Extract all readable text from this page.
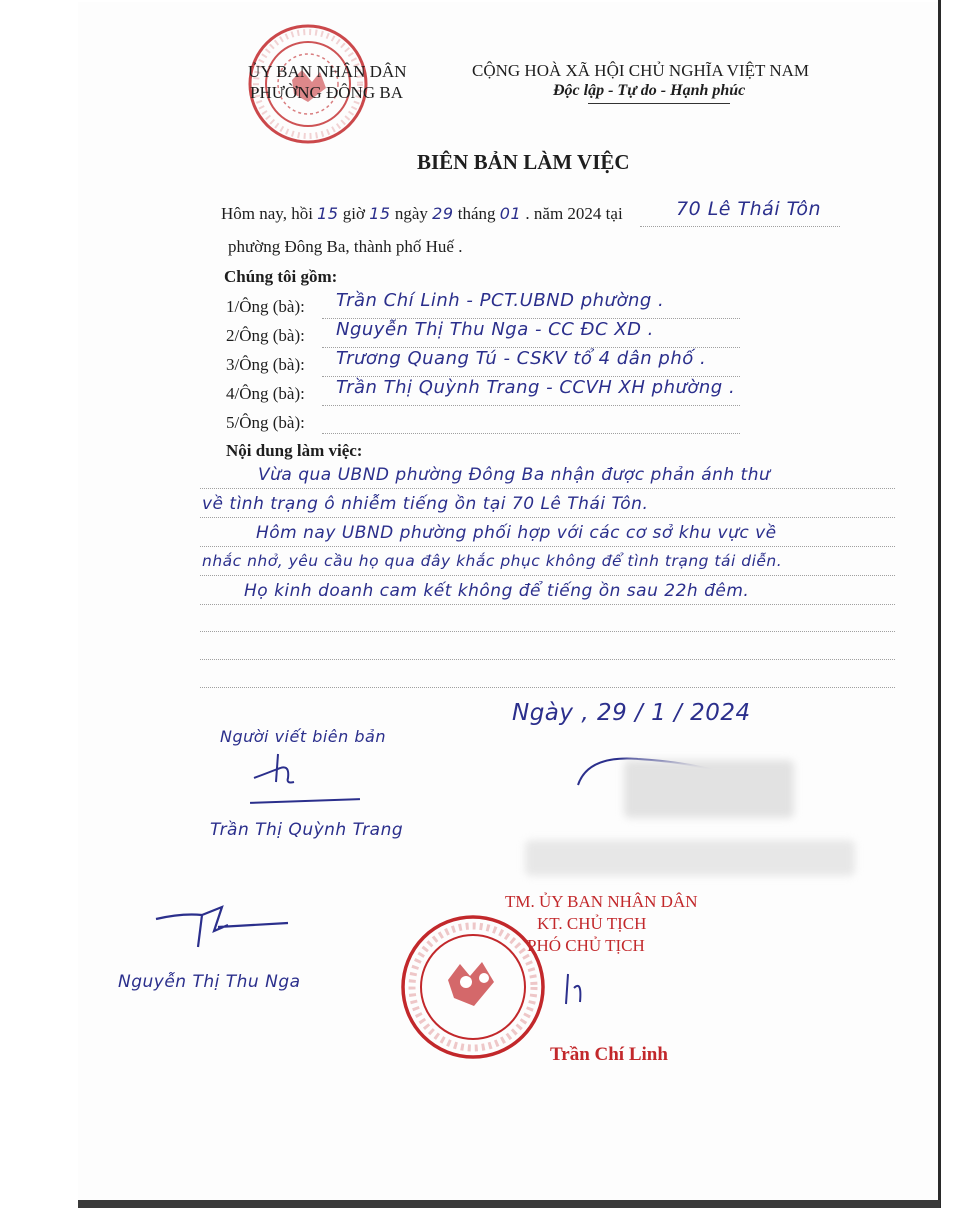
ỦY BAN NHÂN DÂN
PHƯỜNG ĐÔNG BA
CỘNG HOÀ XÃ HỘI CHỦ NGHĨA VIỆT NAM
Độc lập - Tự do - Hạnh phúc
BIÊN BẢN LÀM VIỆC
Hôm nay, hồi 15 giờ 15 ngày 29 tháng 01 . năm 2024 tại	70 Lê Thái Tôn
phường Đông Ba, thành phố Huế .
Chúng tôi gồm:
1/Ông (bà): Trần Chí Linh - PCT.UBND phường .
2/Ông (bà): Nguyễn Thị Thu Nga - CC ĐC XD .
3/Ông (bà): Trương Quang Tú - CSKV tổ 4 dân phố .
4/Ông (bà): Trần Thị Quỳnh Trang - CCVH XH phường .
5/Ông (bà):
Nội dung làm việc:
Vừa qua UBND phường Đông Ba nhận được phản ánh thư
về tình trạng ô nhiễm tiếng ồn tại 70 Lê Thái Tôn.
Hôm nay UBND phường phối hợp với các cơ sở khu vực về
nhắc nhở, yêu cầu họ qua đây khắc phục không để tình trạng tái diễn.
Họ kinh doanh cam kết không để tiếng ồn sau 22h đêm.
Ngày , 29 / 1 / 2024
Người viết biên bản
Trần Thị Quỳnh Trang
Nguyễn Thị Thu Nga
TM. ỦY BAN NHÂN DÂN
KT. CHỦ TỊCH
PHÓ CHỦ TỊCH
Trần Chí Linh
